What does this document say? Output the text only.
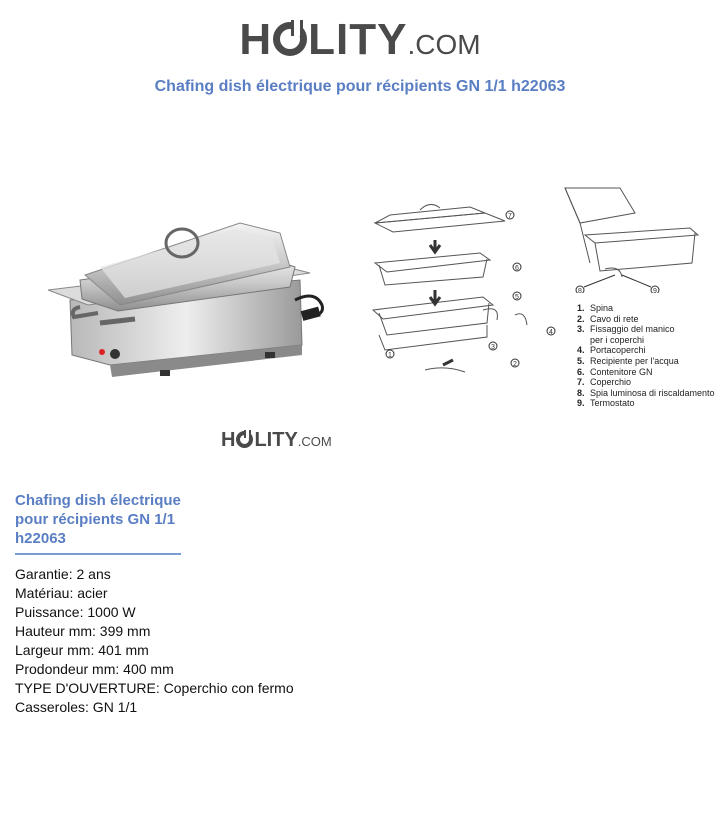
H LITY.COM
Chafing dish électrique pour récipients GN 1/1 h22063
7
6
5
4
3
1
2
8	9
1. Spina
2. Cavo di rete
3. Fissaggio del manico
per i coperchi
4. Portacoperchi
5. Recipiente per l'acqua
6. Contenitore GN
7. Coperchio
8. Spia luminosa di riscaldamento
9. Termostato
H LITY.COM
Chafing dish électrique pour récipients GN 1/1 h22063
Garantie: 2 ans
Matériau: acier
Puissance: 1000 W
Hauteur mm: 399 mm
Largeur mm: 401 mm
Prodondeur mm: 400 mm
TYPE D'OUVERTURE: Coperchio con fermo
Casseroles: GN 1/1
